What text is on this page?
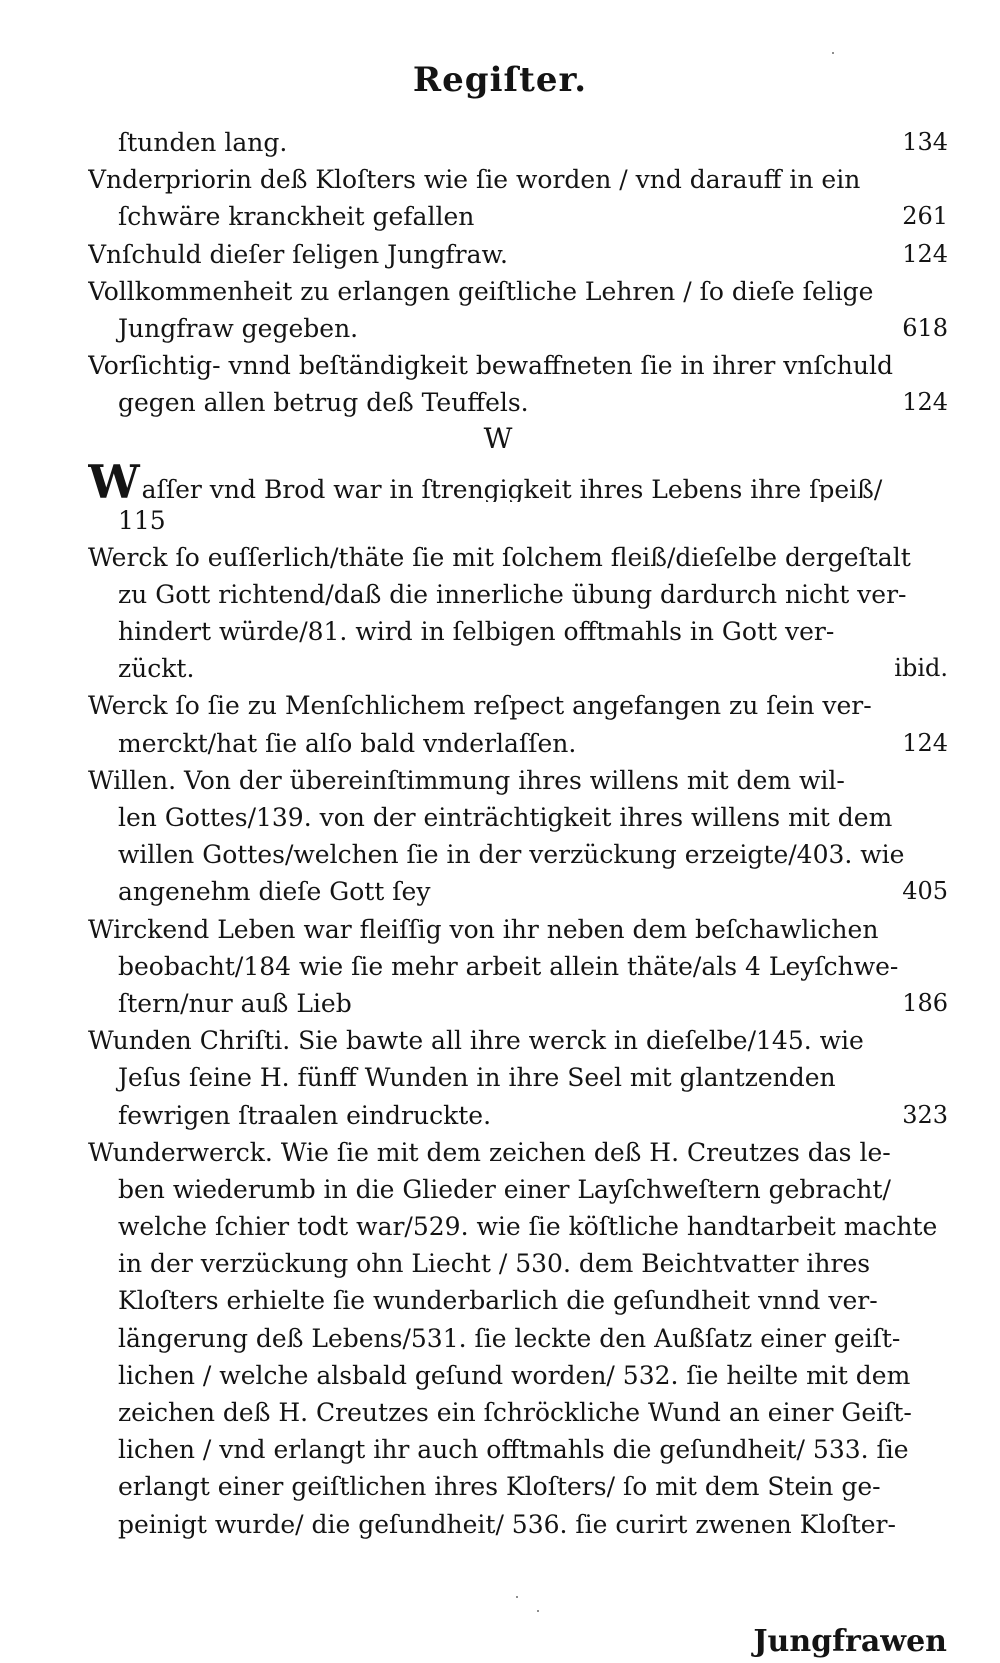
Regiſter.
ſtunden lang.	134
Vnderpriorin deß Kloſters wie ſie worden / vnd darauff in ein
ſchwäre kranckheit gefallen	261
Vnſchuld dieſer ſeligen Jungfraw.	124
Vollkommenheit zu erlangen geiſtliche Lehren / ſo dieſe ſelige
Jungfraw gegeben.	618
Vorſichtig- vnnd beſtändigkeit bewaffneten ſie in ihrer vnſchuld
gegen allen betrug deß Teuffels.	124
W
Waſſer vnd Brod war in ſtrengigkeit ihres Lebens ihre ſpeiß/
115
Werck ſo euſſerlich/thäte ſie mit ſolchem fleiß/dieſelbe dergeſtalt
zu Gott richtend/daß die innerliche übung dardurch nicht ver-
hindert würde/81. wird in ſelbigen offtmahls in Gott ver-
zückt.	ibid.
Werck ſo ſie zu Menſchlichem reſpect angefangen zu ſein ver-
merckt/hat ſie alſo bald vnderlaſſen.	124
Willen. Von der übereinſtimmung ihres willens mit dem wil-
len Gottes/139. von der einträchtigkeit ihres willens mit dem
willen Gottes/welchen ſie in der verzückung erzeigte/403. wie
angenehm dieſe Gott ſey	405
Wirckend Leben war fleiſſig von ihr neben dem beſchawlichen
beobacht/184 wie ſie mehr arbeit allein thäte/als 4 Leyſchwe-
ſtern/nur auß Lieb	186
Wunden Chriſti. Sie bawte all ihre werck in dieſelbe/145. wie
Jeſus ſeine H. fünff Wunden in ihre Seel mit glantzenden
fewrigen ſtraalen eindruckte.	323
Wunderwerck. Wie ſie mit dem zeichen deß H. Creutzes das le-
ben wiederumb in die Glieder einer Layſchweſtern gebracht/
welche ſchier todt war/529. wie ſie köſtliche handtarbeit machte
in der verzückung ohn Liecht / 530. dem Beichtvatter ihres
Kloſters erhielte ſie wunderbarlich die geſundheit vnnd ver-
längerung deß Lebens/531. ſie leckte den Außſatz einer geiſt-
lichen / welche alsbald geſund worden/ 532. ſie heilte mit dem
zeichen deß H. Creutzes ein ſchröckliche Wund an einer Geiſt-
lichen / vnd erlangt ihr auch offtmahls die geſundheit/ 533. ſie
erlangt einer geiſtlichen ihres Kloſters/ ſo mit dem Stein ge-
peinigt wurde/ die geſundheit/ 536. ſie curirt zwenen Kloſter-
Jungfrawen
